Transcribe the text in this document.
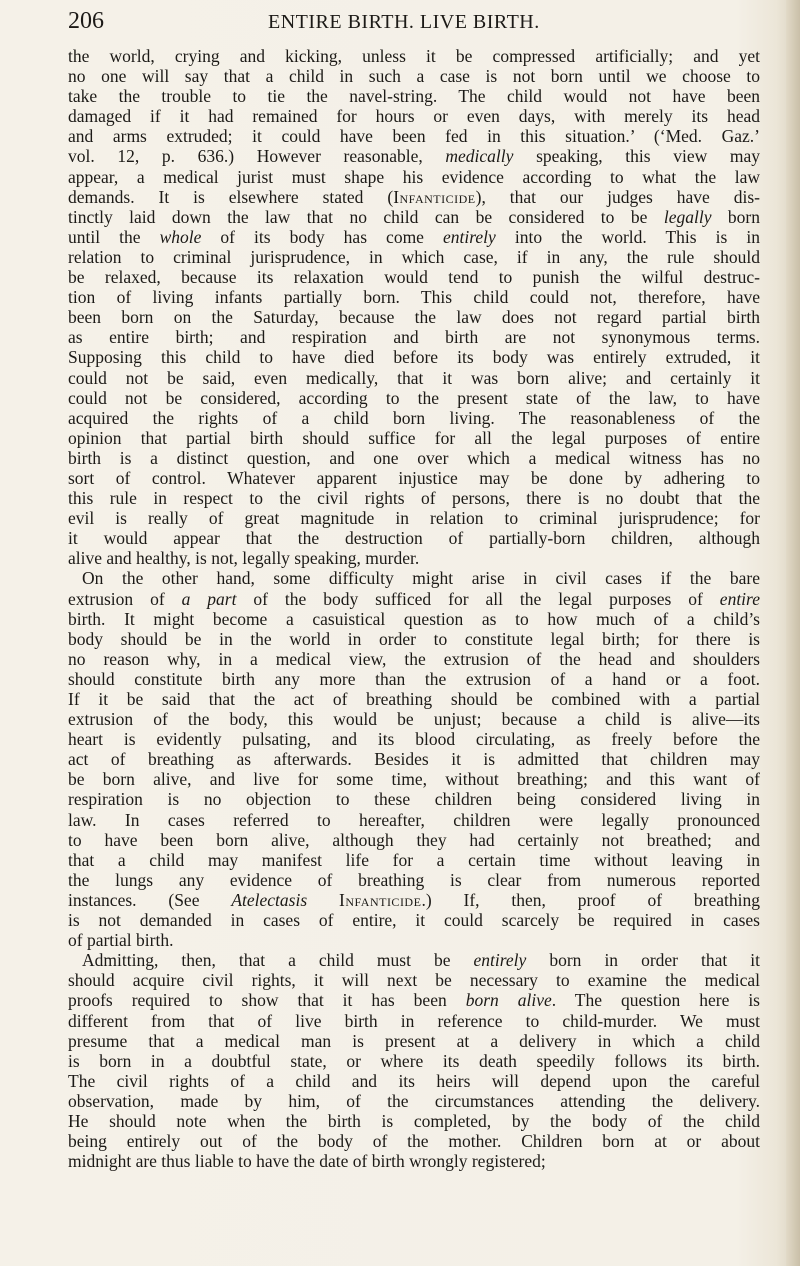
206	ENTIRE BIRTH. LIVE BIRTH.
the world, crying and kicking, unless it be compressed artificially; and yet
no one will say that a child in such a case is not born until we choose to
take the trouble to tie the navel-string. The child would not have been
damaged if it had remained for hours or even days, with merely its head
and arms extruded; it could have been fed in this situation.’ (‘Med. Gaz.’
vol. 12, p. 636.) However reasonable, medically speaking, this view may
appear, a medical jurist must shape his evidence according to what the law
demands. It is elsewhere stated (Infanticide), that our judges have dis-
tinctly laid down the law that no child can be considered to be legally born
until the whole of its body has come entirely into the world. This is in
relation to criminal jurisprudence, in which case, if in any, the rule should
be relaxed, because its relaxation would tend to punish the wilful destruc-
tion of living infants partially born. This child could not, therefore, have
been born on the Saturday, because the law does not regard partial birth
as entire birth; and respiration and birth are not synonymous terms.
Supposing this child to have died before its body was entirely extruded, it
could not be said, even medically, that it was born alive; and certainly it
could not be considered, according to the present state of the law, to have
acquired the rights of a child born living. The reasonableness of the
opinion that partial birth should suffice for all the legal purposes of entire
birth is a distinct question, and one over which a medical witness has no
sort of control. Whatever apparent injustice may be done by adhering to
this rule in respect to the civil rights of persons, there is no doubt that the
evil is really of great magnitude in relation to criminal jurisprudence; for
it would appear that the destruction of partially-born children, although
alive and healthy, is not, legally speaking, murder.
On the other hand, some difficulty might arise in civil cases if the bare
extrusion of a part of the body sufficed for all the legal purposes of entire
birth. It might become a casuistical question as to how much of a child’s
body should be in the world in order to constitute legal birth; for there is
no reason why, in a medical view, the extrusion of the head and shoulders
should constitute birth any more than the extrusion of a hand or a foot.
If it be said that the act of breathing should be combined with a partial
extrusion of the body, this would be unjust; because a child is alive—its
heart is evidently pulsating, and its blood circulating, as freely before the
act of breathing as afterwards. Besides it is admitted that children may
be born alive, and live for some time, without breathing; and this want of
respiration is no objection to these children being considered living in
law. In cases referred to hereafter, children were legally pronounced
to have been born alive, although they had certainly not breathed; and
that a child may manifest life for a certain time without leaving in
the lungs any evidence of breathing is clear from numerous reported
instances. (See Atelectasis Infanticide.) If, then, proof of breathing
is not demanded in cases of entire, it could scarcely be required in cases
of partial birth.
Admitting, then, that a child must be entirely born in order that it
should acquire civil rights, it will next be necessary to examine the medical
proofs required to show that it has been born alive. The question here is
different from that of live birth in reference to child-murder. We must
presume that a medical man is present at a delivery in which a child
is born in a doubtful state, or where its death speedily follows its birth.
The civil rights of a child and its heirs will depend upon the careful
observation, made by him, of the circumstances attending the delivery.
He should note when the birth is completed, by the body of the child
being entirely out of the body of the mother. Children born at or about
midnight are thus liable to have the date of birth wrongly registered;
